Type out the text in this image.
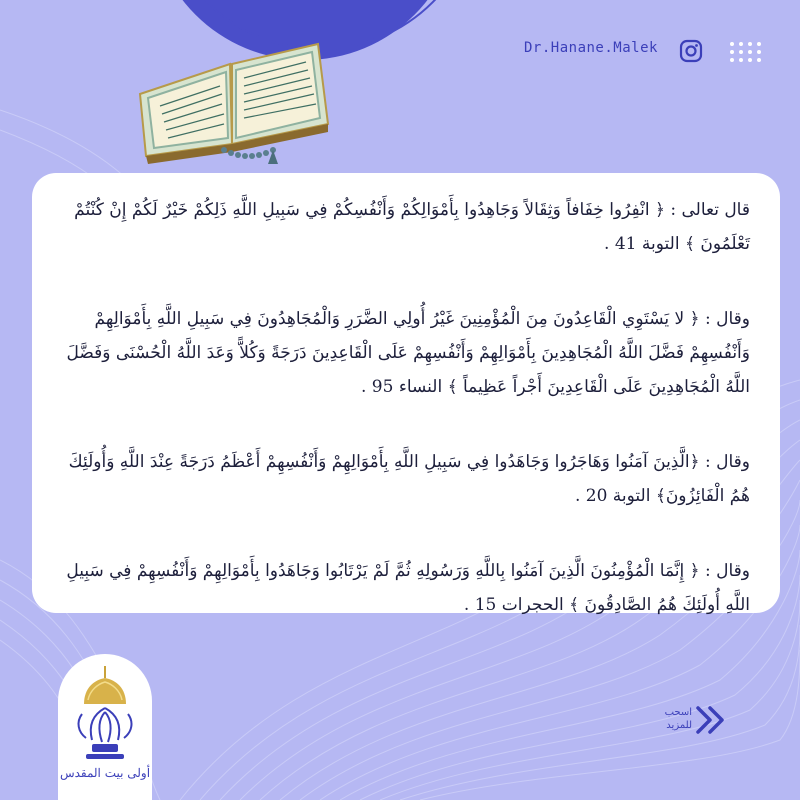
Dr.Hanane.Malek

قال تعالى : ﴿ انْفِرُوا خِفَافاً وَثِقَالاً وَجَاهِدُوا بِأَمْوَالِكُمْ وَأَنْفُسِكُمْ فِي سَبِيلِ اللَّهِ ذَلِكُمْ خَيْرٌ لَكُمْ إِنْ كُنْتُمْ تَعْلَمُونَ ﴾ التوبة 41 .

وقال : ﴿ لا يَسْتَوِي الْقَاعِدُونَ مِنَ الْمُؤْمِنِينَ غَيْرُ أُولِي الضَّرَرِ وَالْمُجَاهِدُونَ فِي سَبِيلِ اللَّهِ بِأَمْوَالِهِمْ وَأَنْفُسِهِمْ فَضَّلَ اللَّهُ الْمُجَاهِدِينَ بِأَمْوَالِهِمْ وَأَنْفُسِهِمْ عَلَى الْقَاعِدِينَ دَرَجَةً وَكُلاًّ وَعَدَ اللَّهُ الْحُسْنَى وَفَضَّلَ اللَّهُ الْمُجَاهِدِينَ عَلَى الْقَاعِدِينَ أَجْراً عَظِيماً ﴾ النساء 95 .

وقال : ﴿الَّذِينَ آمَنُوا وَهَاجَرُوا وَجَاهَدُوا فِي سَبِيلِ اللَّهِ بِأَمْوَالِهِمْ وَأَنْفُسِهِمْ أَعْظَمُ دَرَجَةً عِنْدَ اللَّهِ وَأُولَئِكَ هُمُ الْفَائِزُونَ﴾ التوبة 20 .

وقال : ﴿ إِنَّمَا الْمُؤْمِنُونَ الَّذِينَ آمَنُوا بِاللَّهِ وَرَسُولِهِ ثُمَّ لَمْ يَرْتَابُوا وَجَاهَدُوا بِأَمْوَالِهِمْ وَأَنْفُسِهِمْ فِي سَبِيلِ اللَّهِ أُولَئِكَ هُمُ الصَّادِقُونَ ﴾ الحجرات 15 .

أولى بيت المقدس
اسحب
للمزيد
